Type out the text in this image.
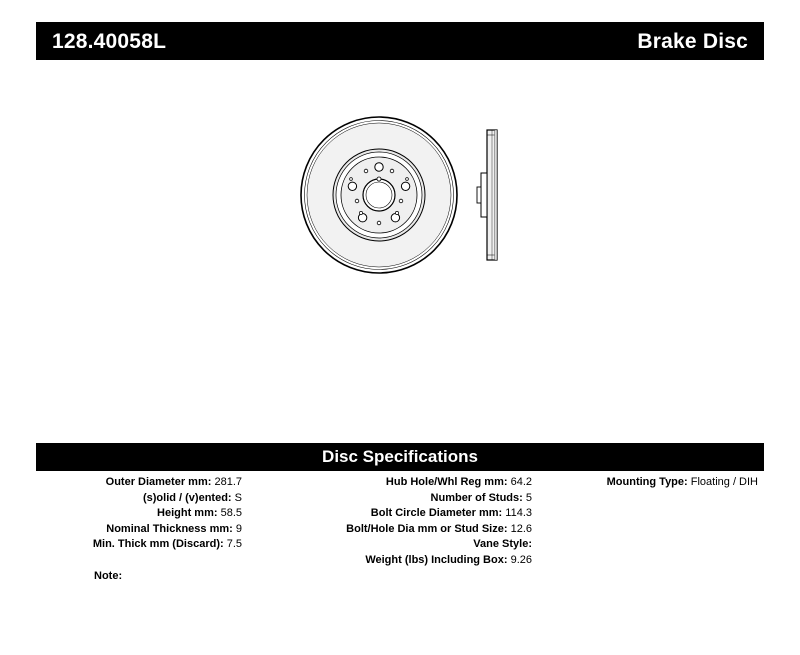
128.40058L	Brake Disc
Disc Specifications
Outer Diameter mm: 281.7
(s)olid / (v)ented: S
Height mm: 58.5
Nominal Thickness mm: 9
Min. Thick mm (Discard): 7.5
Hub Hole/Whl Reg mm: 64.2
Number of Studs: 5
Bolt Circle Diameter mm: 114.3
Bolt/Hole Dia mm or Stud Size: 12.6
Vane Style:
Weight (lbs) Including Box: 9.26
Mounting Type: Floating / DIH
Note:
